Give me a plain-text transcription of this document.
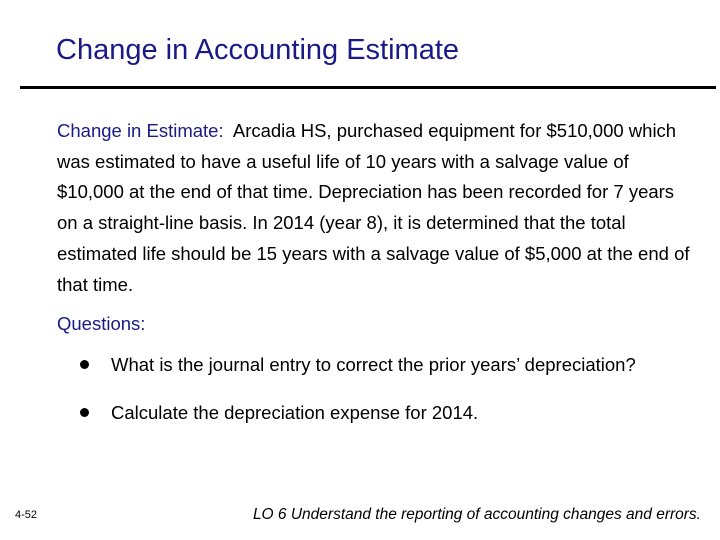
Change in Accounting Estimate
Change in Estimate: Arcadia HS, purchased equipment for $510,000 which was estimated to have a useful life of 10 years with a salvage value of $10,000 at the end of that time. Depreciation has been recorded for 7 years on a straight-line basis. In 2014 (year 8), it is determined that the total estimated life should be 15 years with a salvage value of $5,000 at the end of that time.
Questions:
What is the journal entry to correct the prior years’ depreciation?
Calculate the depreciation expense for 2014.
4-52	LO 6 Understand the reporting of accounting changes and errors.
